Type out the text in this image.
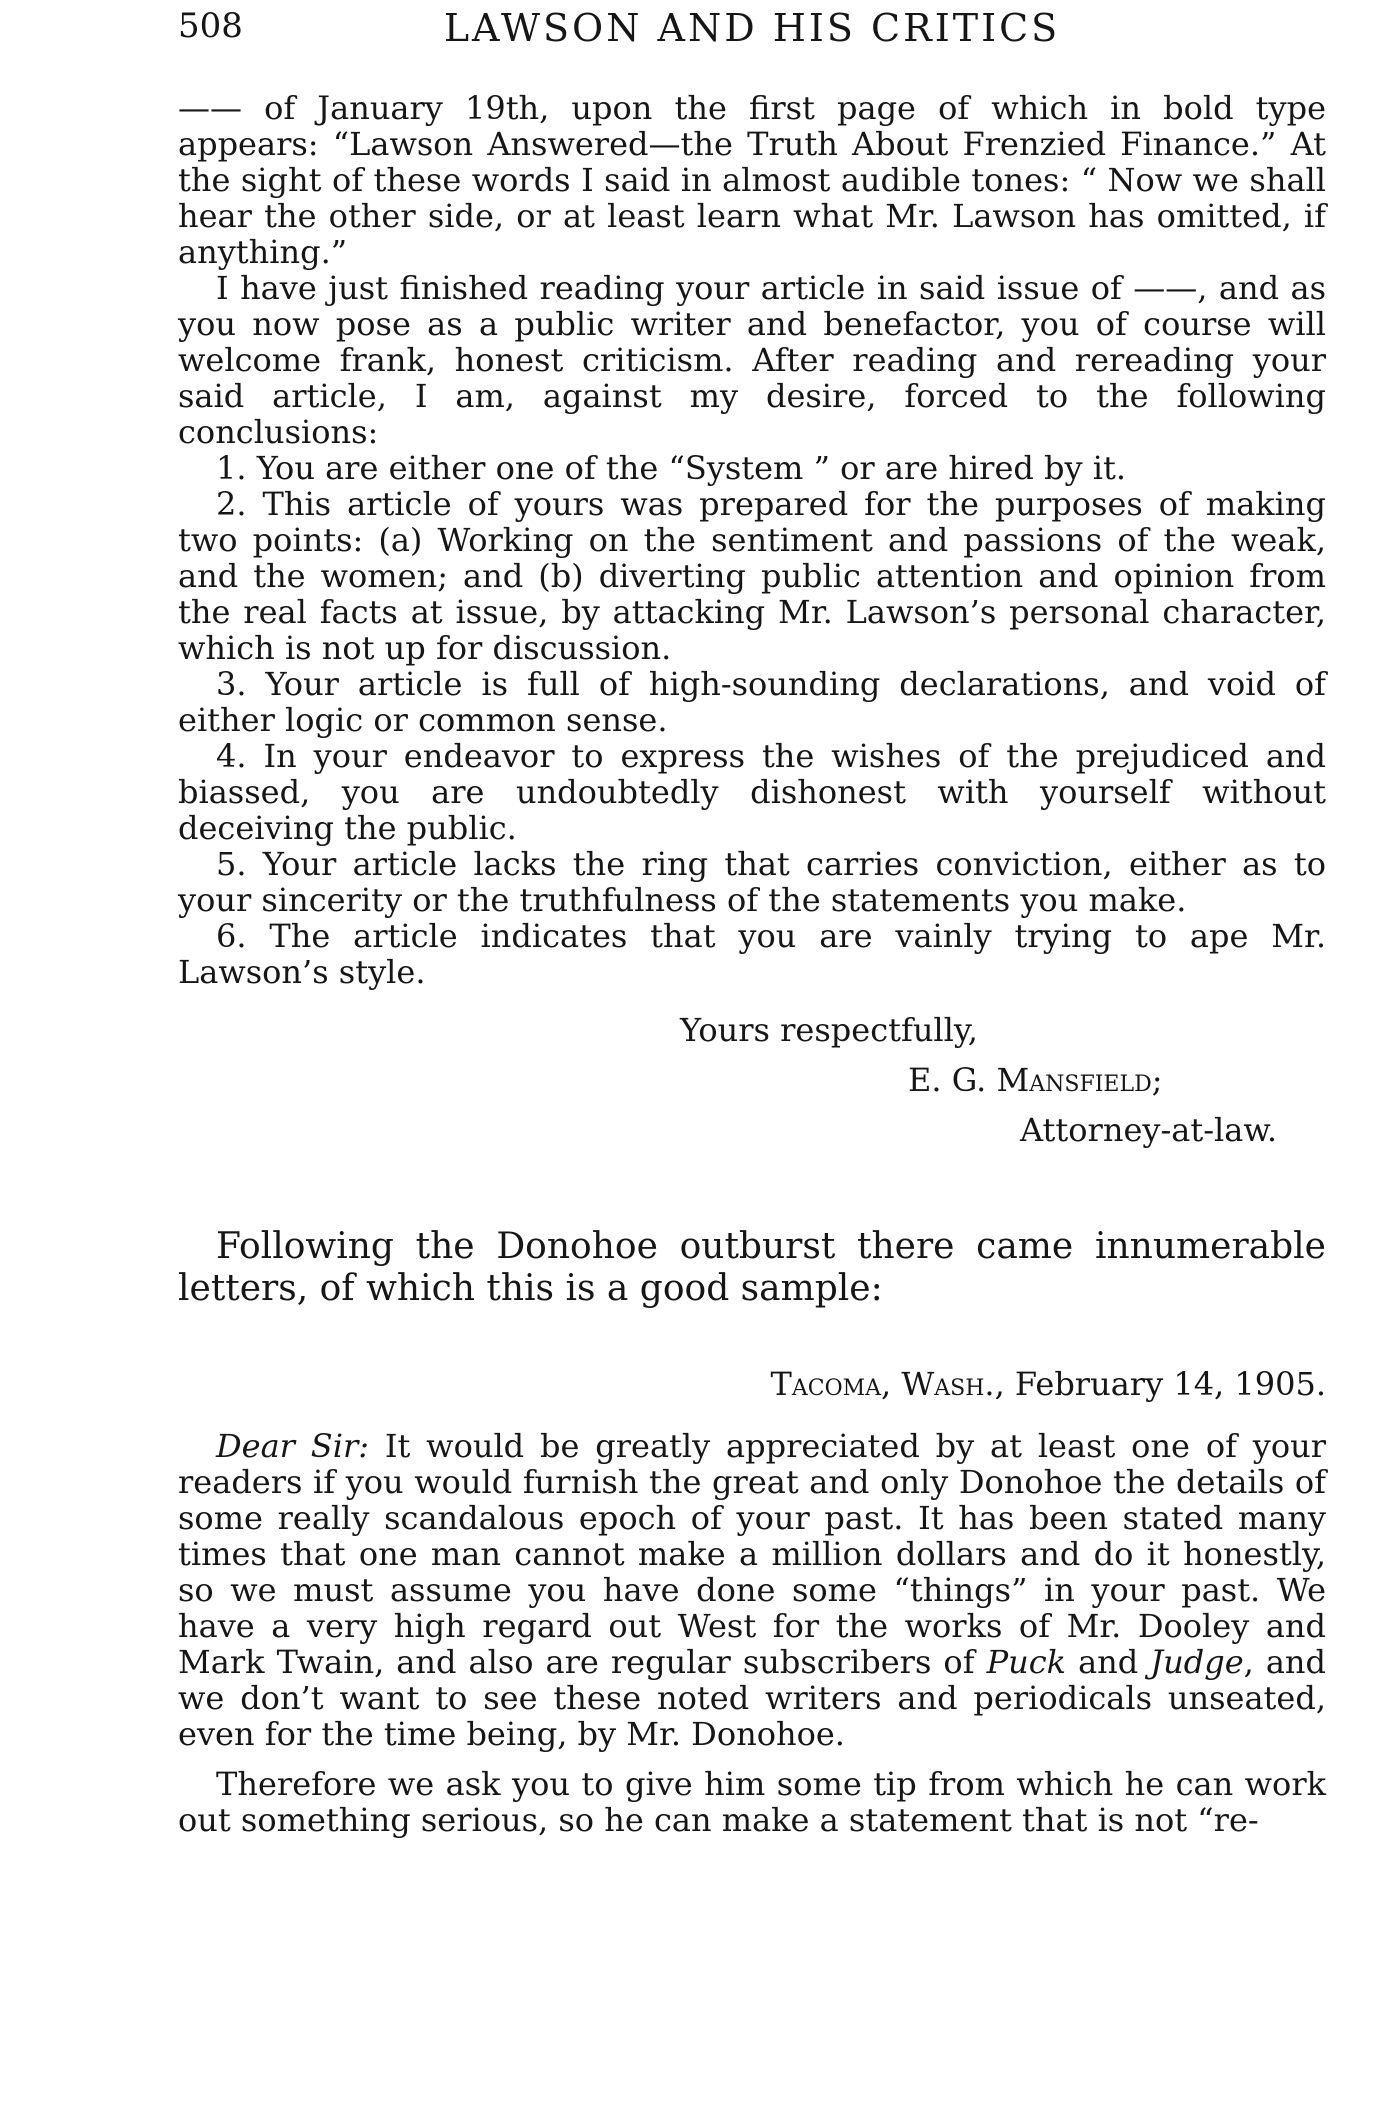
508	LAWSON AND HIS CRITICS

—— of January 19th, upon the first page of which in bold type appears: “Lawson Answered—the Truth About Frenzied Finance.” At the sight of these words I said in almost audible tones: “ Now we shall hear the other side, or at least learn what Mr. Lawson has omitted, if anything.”

I have just finished reading your article in said issue of ——, and as you now pose as a public writer and benefactor, you of course will welcome frank, honest criticism. After reading and rereading your said article, I am, against my desire, forced to the following conclusions:

1. You are either one of the “System ” or are hired by it.

2. This article of yours was prepared for the purposes of making two points: (a) Working on the sentiment and passions of the weak, and the women; and (b) diverting public attention and opinion from the real facts at issue, by attacking Mr. Lawson’s personal character, which is not up for discussion.

3. Your article is full of high-sounding declarations, and void of either logic or common sense.

4. In your endeavor to express the wishes of the prejudiced and biassed, you are undoubtedly dishonest with yourself without deceiving the public.

5. Your article lacks the ring that carries conviction, either as to your sincerity or the truthfulness of the statements you make.

6. The article indicates that you are vainly trying to ape Mr. Lawson’s style.

Yours respectfully,

E. G. Mansfield;

Attorney-at-law.

Following the Donohoe outburst there came innumerable letters, of which this is a good sample:

Tacoma, Wash., February 14, 1905.

Dear Sir: It would be greatly appreciated by at least one of your readers if you would furnish the great and only Donohoe the details of some really scandalous epoch of your past. It has been stated many times that one man cannot make a million dollars and do it honestly, so we must assume you have done some “things” in your past. We have a very high regard out West for the works of Mr. Dooley and Mark Twain, and also are regular subscribers of Puck and Judge, and we don’t want to see these noted writers and periodicals unseated, even for the time being, by Mr. Donohoe.

Therefore we ask you to give him some tip from which he can work out something serious, so he can make a statement that is not “re-
